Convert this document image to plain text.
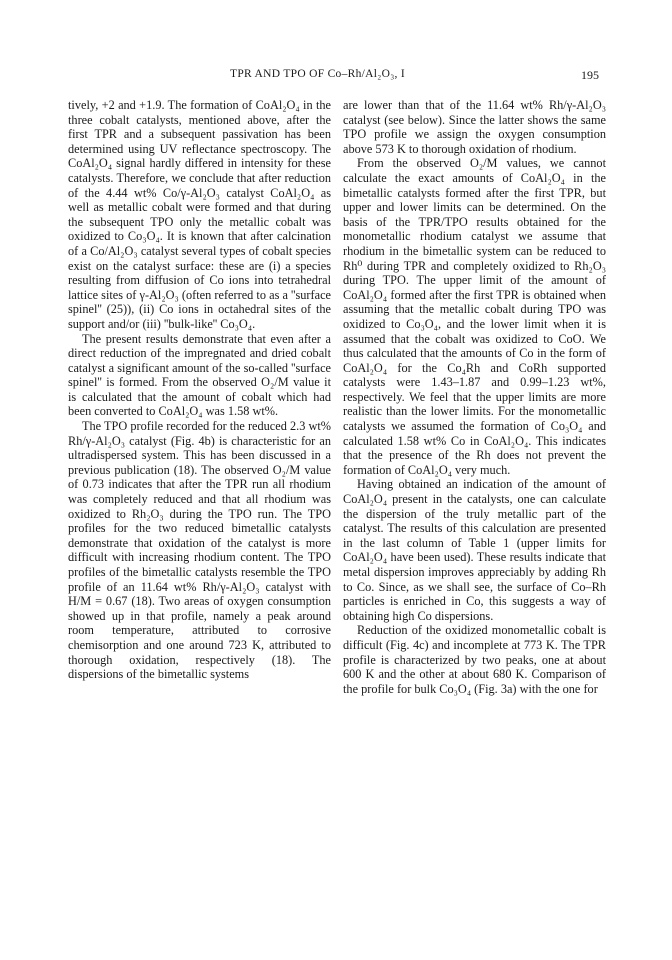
TPR AND TPO OF Co–Rh/Al₂O₃, I	195

tively, +2 and +1.9. The formation of CoAl₂O₄ in the three cobalt catalysts, mentioned above, after the first TPR and a subsequent passivation has been determined using UV reflectance spectroscopy. The CoAl₂O₄ signal hardly differed in intensity for these catalysts. Therefore, we conclude that after reduction of the 4.44 wt% Co/γ-Al₂O₃ catalyst CoAl₂O₄ as well as metallic cobalt were formed and that during the subsequent TPO only the metallic cobalt was oxidized to Co₃O₄. It is known that after calcination of a Co/Al₂O₃ catalyst several types of cobalt species exist on the catalyst surface: these are (i) a species resulting from diffusion of Co ions into tetrahedral lattice sites of γ-Al₂O₃ (often referred to as a ''surface spinel'' (25)), (ii) Co ions in octahedral sites of the support and/or (iii) ''bulk-like'' Co₃O₄.

The present results demonstrate that even after a direct reduction of the impregnated and dried cobalt catalyst a significant amount of the so-called ''surface spinel'' is formed. From the observed O₂/M value it is calculated that the amount of cobalt which had been converted to CoAl₂O₄ was 1.58 wt%.

The TPO profile recorded for the reduced 2.3 wt% Rh/γ-Al₂O₃ catalyst (Fig. 4b) is characteristic for an ultradispersed system. This has been discussed in a previous publication (18). The observed O₂/M value of 0.73 indicates that after the TPR run all rhodium was completely reduced and that all rhodium was oxidized to Rh₂O₃ during the TPO run. The TPO profiles for the two reduced bimetallic catalysts demonstrate that oxidation of the catalyst is more difficult with increasing rhodium content. The TPO profiles of the bimetallic catalysts resemble the TPO profile of an 11.64 wt% Rh/γ-Al₂O₃ catalyst with H/M = 0.67 (18). Two areas of oxygen consumption showed up in that profile, namely a peak around room temperature, attributed to corrosive chemisorption and one around 723 K, attributed to thorough oxidation, respectively (18). The dispersions of the bimetallic systems

are lower than that of the 11.64 wt% Rh/γ-Al₂O₃ catalyst (see below). Since the latter shows the same TPO profile we assign the oxygen consumption above 573 K to thorough oxidation of rhodium.

From the observed O₂/M values, we cannot calculate the exact amounts of CoAl₂O₄ in the bimetallic catalysts formed after the first TPR, but upper and lower limits can be determined. On the basis of the TPR/TPO results obtained for the monometallic rhodium catalyst we assume that rhodium in the bimetallic system can be reduced to Rh⁰ during TPR and completely oxidized to Rh₂O₃ during TPO. The upper limit of the amount of CoAl₂O₄ formed after the first TPR is obtained when assuming that the metallic cobalt during TPO was oxidized to Co₃O₄, and the lower limit when it is assumed that the cobalt was oxidized to CoO. We thus calculated that the amounts of Co in the form of CoAl₂O₄ for the Co₄Rh and CoRh supported catalysts were 1.43–1.87 and 0.99–1.23 wt%, respectively. We feel that the upper limits are more realistic than the lower limits. For the monometallic catalysts we assumed the formation of Co₃O₄ and calculated 1.58 wt% Co in CoAl₂O₄. This indicates that the presence of the Rh does not prevent the formation of CoAl₂O₄ very much.

Having obtained an indication of the amount of CoAl₂O₄ present in the catalysts, one can calculate the dispersion of the truly metallic part of the catalyst. The results of this calculation are presented in the last column of Table 1 (upper limits for CoAl₂O₄ have been used). These results indicate that metal dispersion improves appreciably by adding Rh to Co. Since, as we shall see, the surface of Co–Rh particles is enriched in Co, this suggests a way of obtaining high Co dispersions.

Reduction of the oxidized monometallic cobalt is difficult (Fig. 4c) and incomplete at 773 K. The TPR profile is characterized by two peaks, one at about 600 K and the other at about 680 K. Comparison of the profile for bulk Co₃O₄ (Fig. 3a) with the one for
